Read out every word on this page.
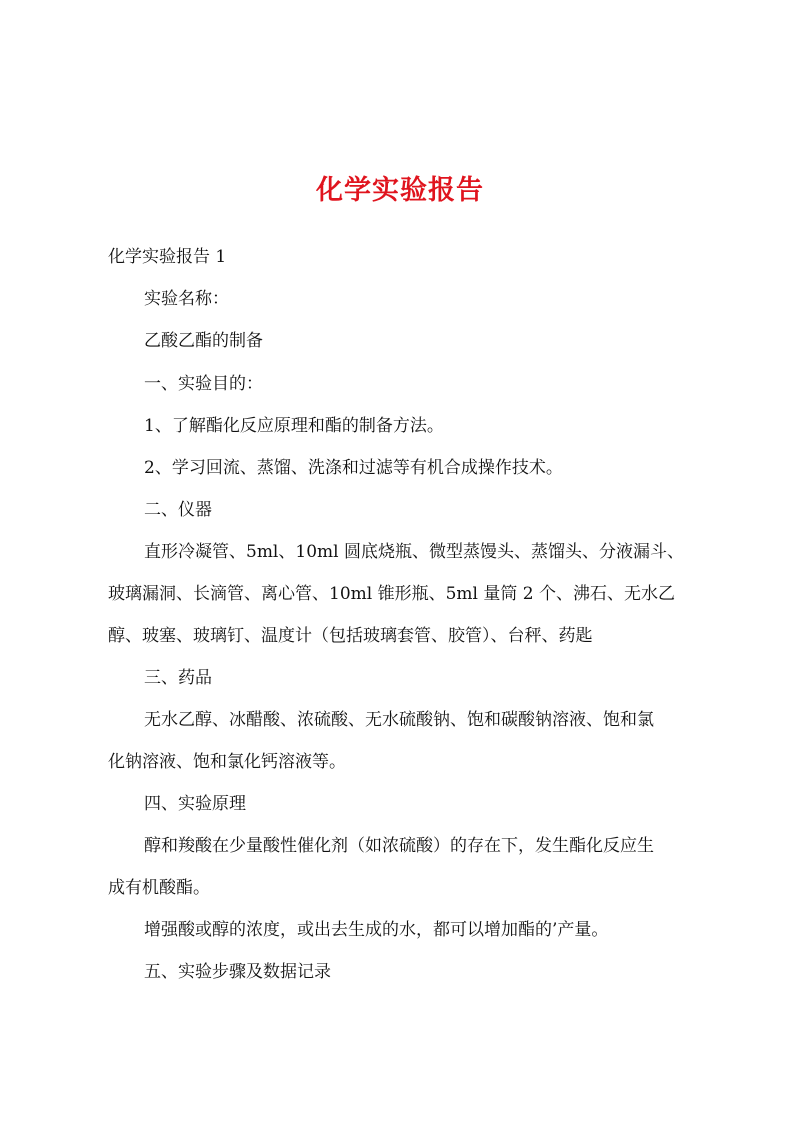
化学实验报告
化学实验报告 1
实验名称：
乙酸乙酯的制备
一、实验目的：
1、了解酯化反应原理和酯的制备方法。
2、学习回流、蒸馏、洗涤和过滤等有机合成操作技术。
二、仪器
直形冷凝管、5ml、10ml 圆底烧瓶、微型蒸馒头、蒸馏头、分液漏斗、
玻璃漏洞、长滴管、离心管、10ml 锥形瓶、5ml 量筒 2 个、沸石、无水乙
醇、玻塞、玻璃钉、温度计（包括玻璃套管、胶管）、台秤、药匙
三、药品
无水乙醇、冰醋酸、浓硫酸、无水硫酸钠、饱和碳酸钠溶液、饱和氯
化钠溶液、饱和氯化钙溶液等。
四、实验原理
醇和羧酸在少量酸性催化剂（如浓硫酸）的存在下，发生酯化反应生
成有机酸酯。
增强酸或醇的浓度，或出去生成的水，都可以增加酯的’产量。
五、实验步骤及数据记录
